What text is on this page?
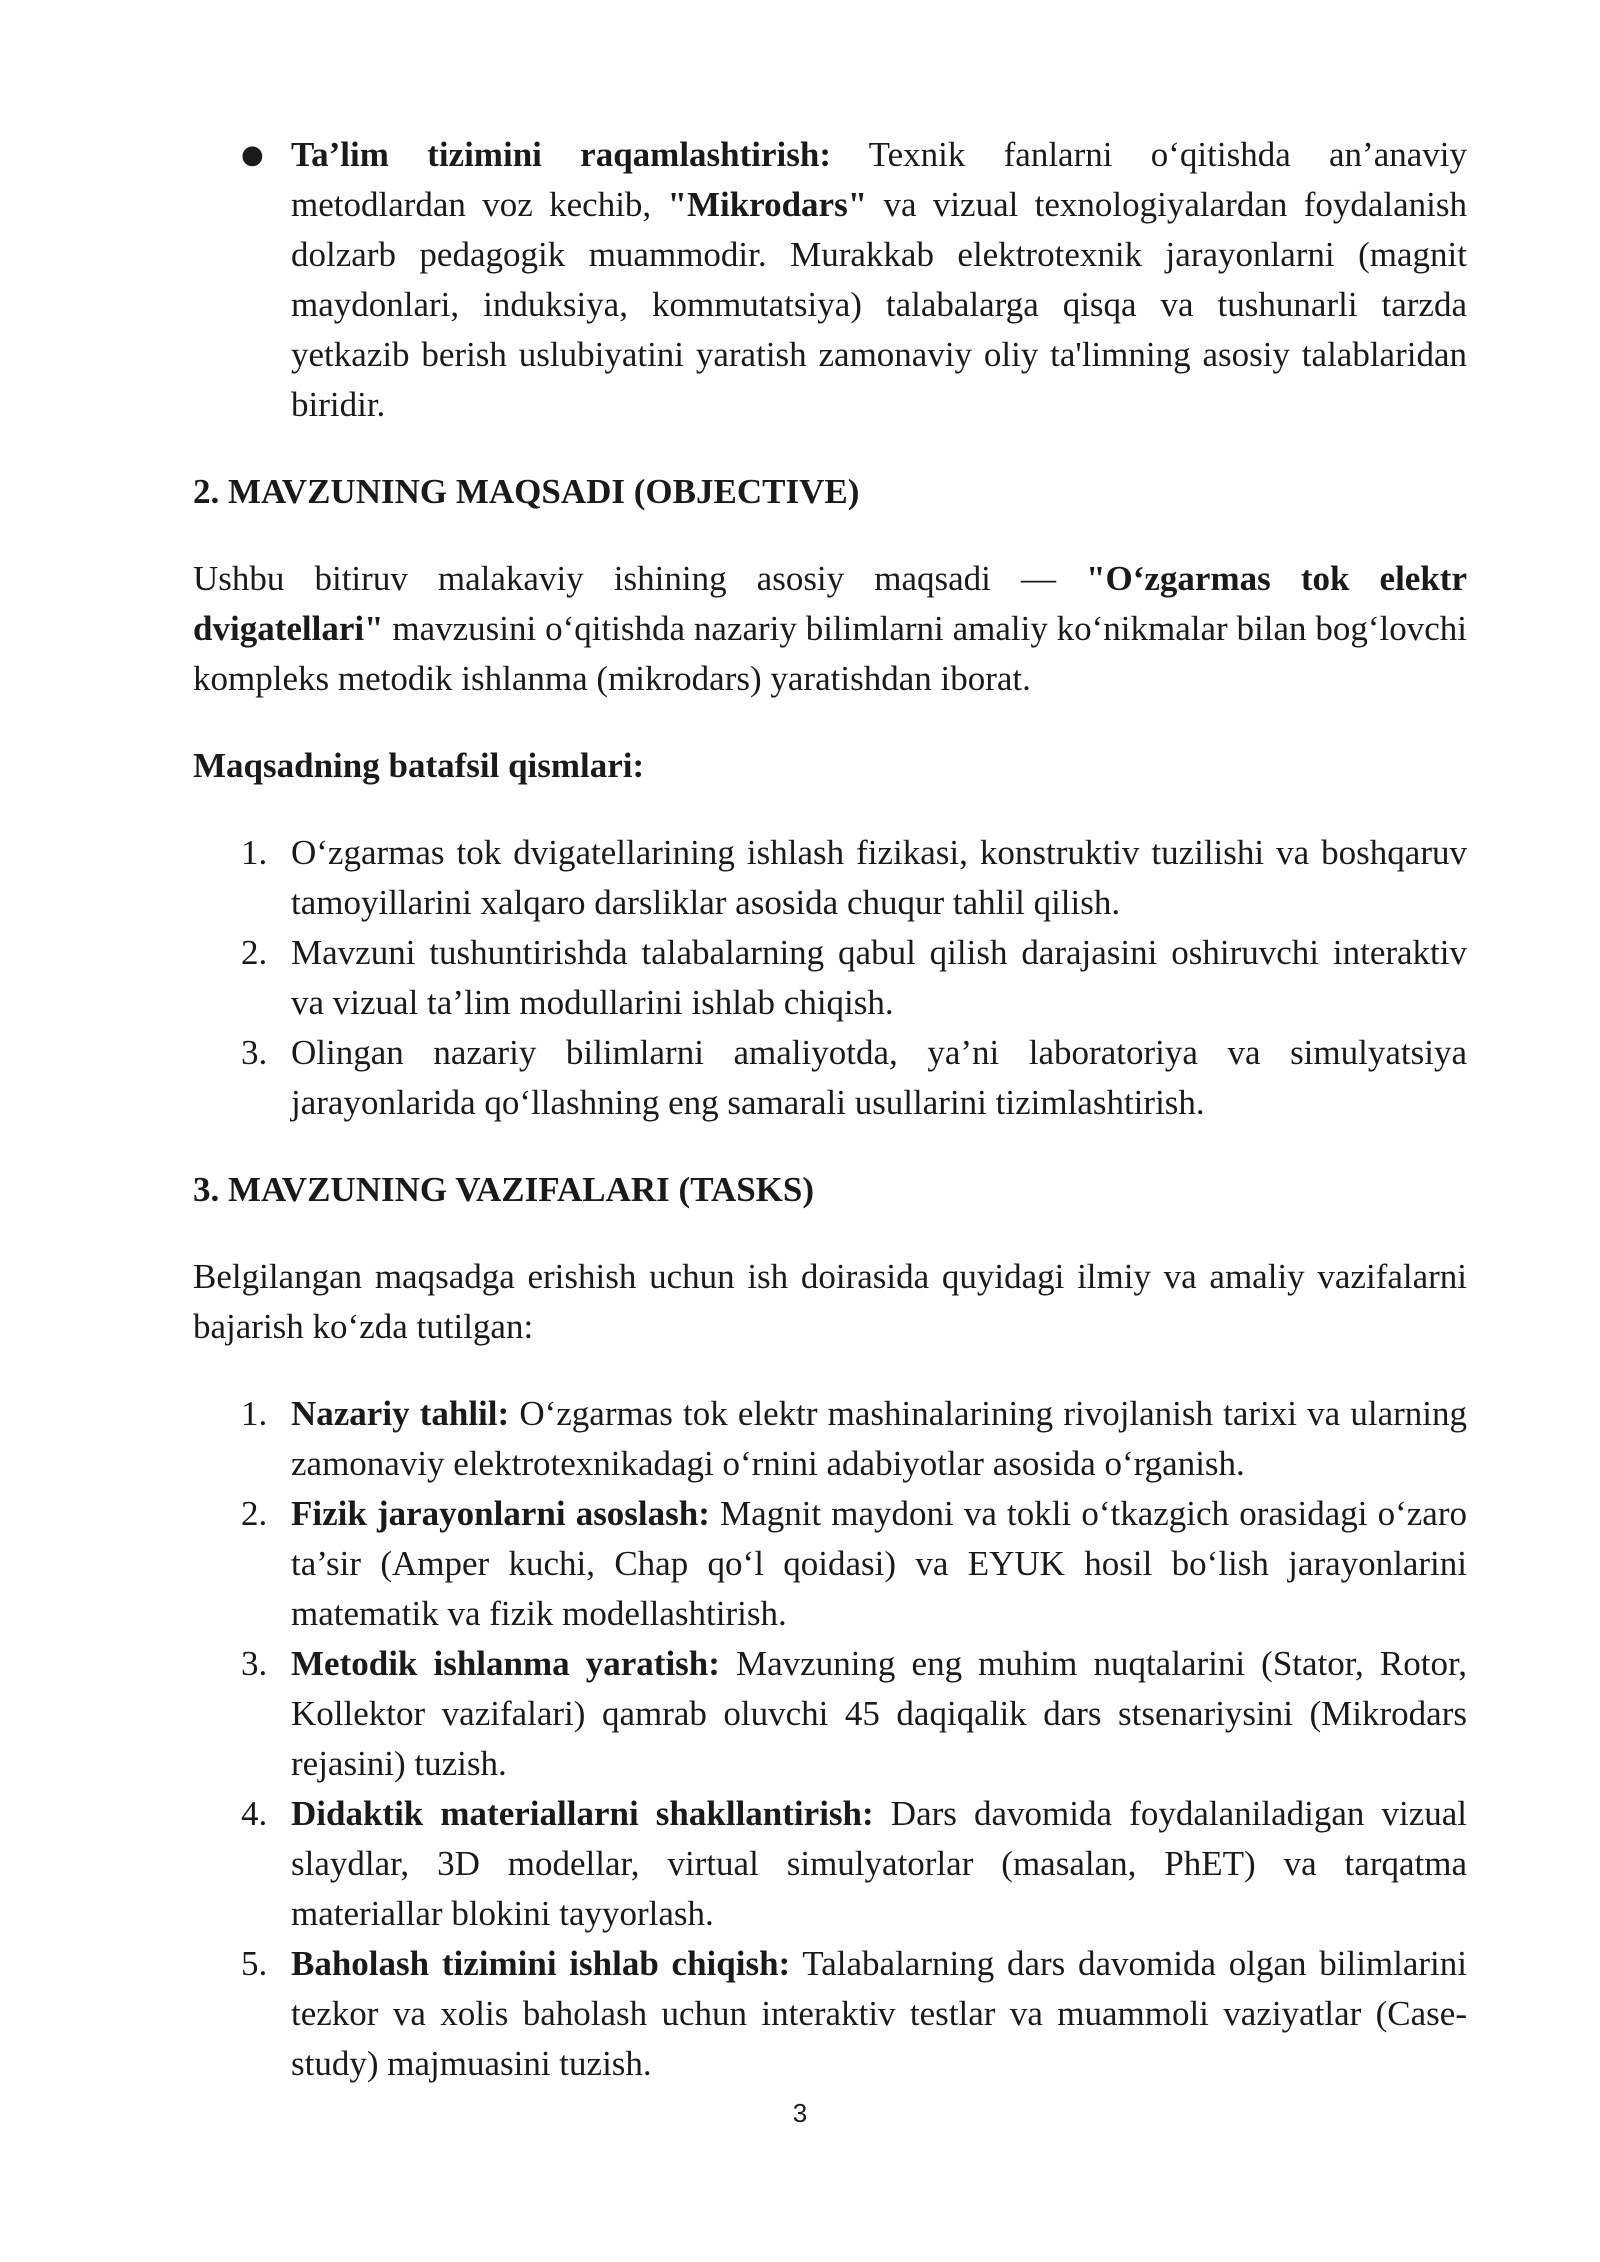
● Ta’lim tizimini raqamlashtirish: Texnik fanlarni o‘qitishda an’anaviy metodlardan voz kechib, "Mikrodars" va vizual texnologiyalardan foydalanish dolzarb pedagogik muammodir. Murakkab elektrotexnik jarayonlarni (magnit maydonlari, induksiya, kommutatsiya) talabalarga qisqa va tushunarli tarzda yetkazib berish uslubiyatini yaratish zamonaviy oliy ta'limning asosiy talablaridan biridir.

2. MAVZUNING MAQSADI (OBJECTIVE)

Ushbu bitiruv malakaviy ishining asosiy maqsadi — "O‘zgarmas tok elektr dvigatellari" mavzusini o‘qitishda nazariy bilimlarni amaliy ko‘nikmalar bilan bog‘lovchi kompleks metodik ishlanma (mikrodars) yaratishdan iborat.

Maqsadning batafsil qismlari:

1. O‘zgarmas tok dvigatellarining ishlash fizikasi, konstruktiv tuzilishi va boshqaruv tamoyillarini xalqaro darsliklar asosida chuqur tahlil qilish.
2. Mavzuni tushuntirishda talabalarning qabul qilish darajasini oshiruvchi interaktiv va vizual ta’lim modullarini ishlab chiqish.
3. Olingan nazariy bilimlarni amaliyotda, ya’ni laboratoriya va simulyatsiya jarayonlarida qo‘llashning eng samarali usullarini tizimlashtirish.

3. MAVZUNING VAZIFALARI (TASKS)

Belgilangan maqsadga erishish uchun ish doirasida quyidagi ilmiy va amaliy vazifalarni bajarish ko‘zda tutilgan:

1. Nazariy tahlil: O‘zgarmas tok elektr mashinalarining rivojlanish tarixi va ularning zamonaviy elektrotexnikadagi o‘rnini adabiyotlar asosida o‘rganish.
2. Fizik jarayonlarni asoslash: Magnit maydoni va tokli o‘tkazgich orasidagi o‘zaro ta’sir (Amper kuchi, Chap qo‘l qoidasi) va EYUK hosil bo‘lish jarayonlarini matematik va fizik modellashtirish.
3. Metodik ishlanma yaratish: Mavzuning eng muhim nuqtalarini (Stator, Rotor, Kollektor vazifalari) qamrab oluvchi 45 daqiqalik dars stsenariysini (Mikrodars rejasini) tuzish.
4. Didaktik materiallarni shakllantirish: Dars davomida foydalaniladigan vizual slaydlar, 3D modellar, virtual simulyatorlar (masalan, PhET) va tarqatma materiallar blokini tayyorlash.
5. Baholash tizimini ishlab chiqish: Talabalarning dars davomida olgan bilimlarini tezkor va xolis baholash uchun interaktiv testlar va muammoli vaziyatlar (Case-study) majmuasini tuzish.
3
